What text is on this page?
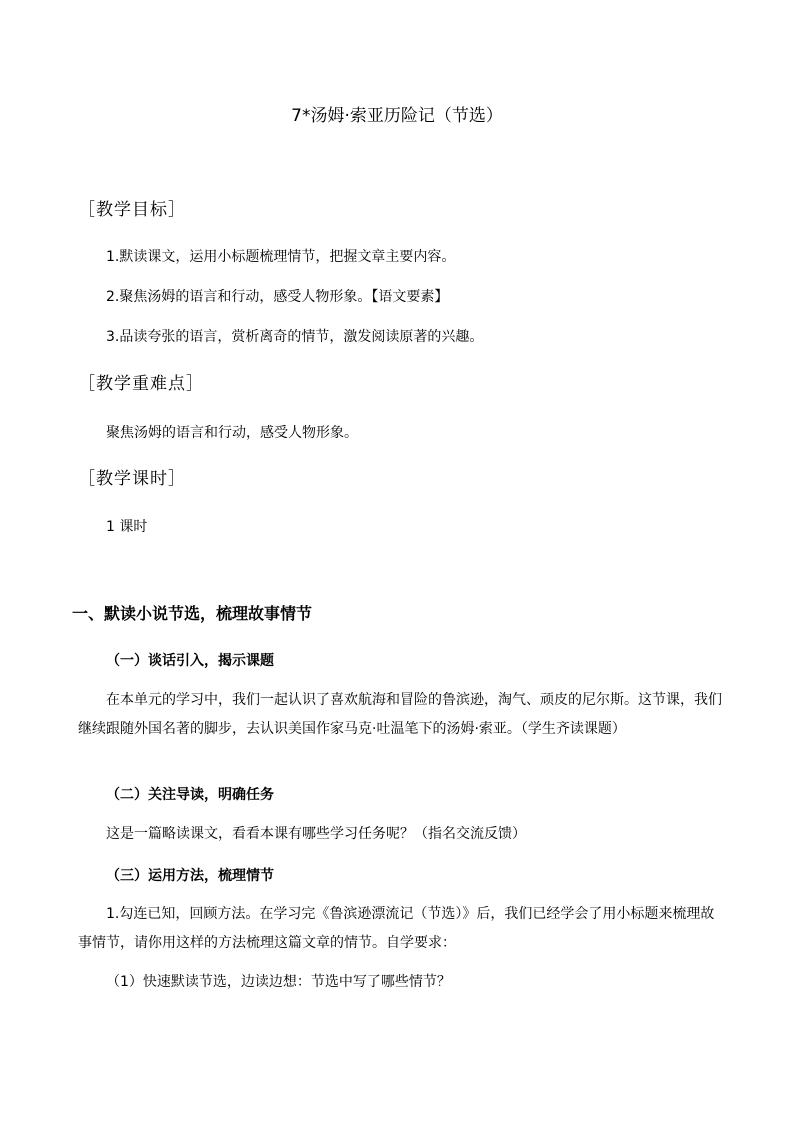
7*汤姆·索亚历险记（节选）
［教学目标］
1.默读课文，运用小标题梳理情节，把握文章主要内容。
2.聚焦汤姆的语言和行动，感受人物形象。【语文要素】
3.品读夸张的语言，赏析离奇的情节，激发阅读原著的兴趣。
［教学重难点］
聚焦汤姆的语言和行动，感受人物形象。
［教学课时］
1 课时
一、默读小说节选，梳理故事情节
（一）谈话引入，揭示课题
在本单元的学习中，我们一起认识了喜欢航海和冒险的鲁滨逊，淘气、顽皮的尼尔斯。这节课，我们继续跟随外国名著的脚步，去认识美国作家马克·吐温笔下的汤姆·索亚。（学生齐读课题）
（二）关注导读，明确任务
这是一篇略读课文，看看本课有哪些学习任务呢？（指名交流反馈）
（三）运用方法，梳理情节
1.勾连已知，回顾方法。在学习完《鲁滨逊漂流记（节选）》后，我们已经学会了用小标题来梳理故事情节，请你用这样的方法梳理这篇文章的情节。自学要求：
（1）快速默读节选，边读边想：节选中写了哪些情节？
